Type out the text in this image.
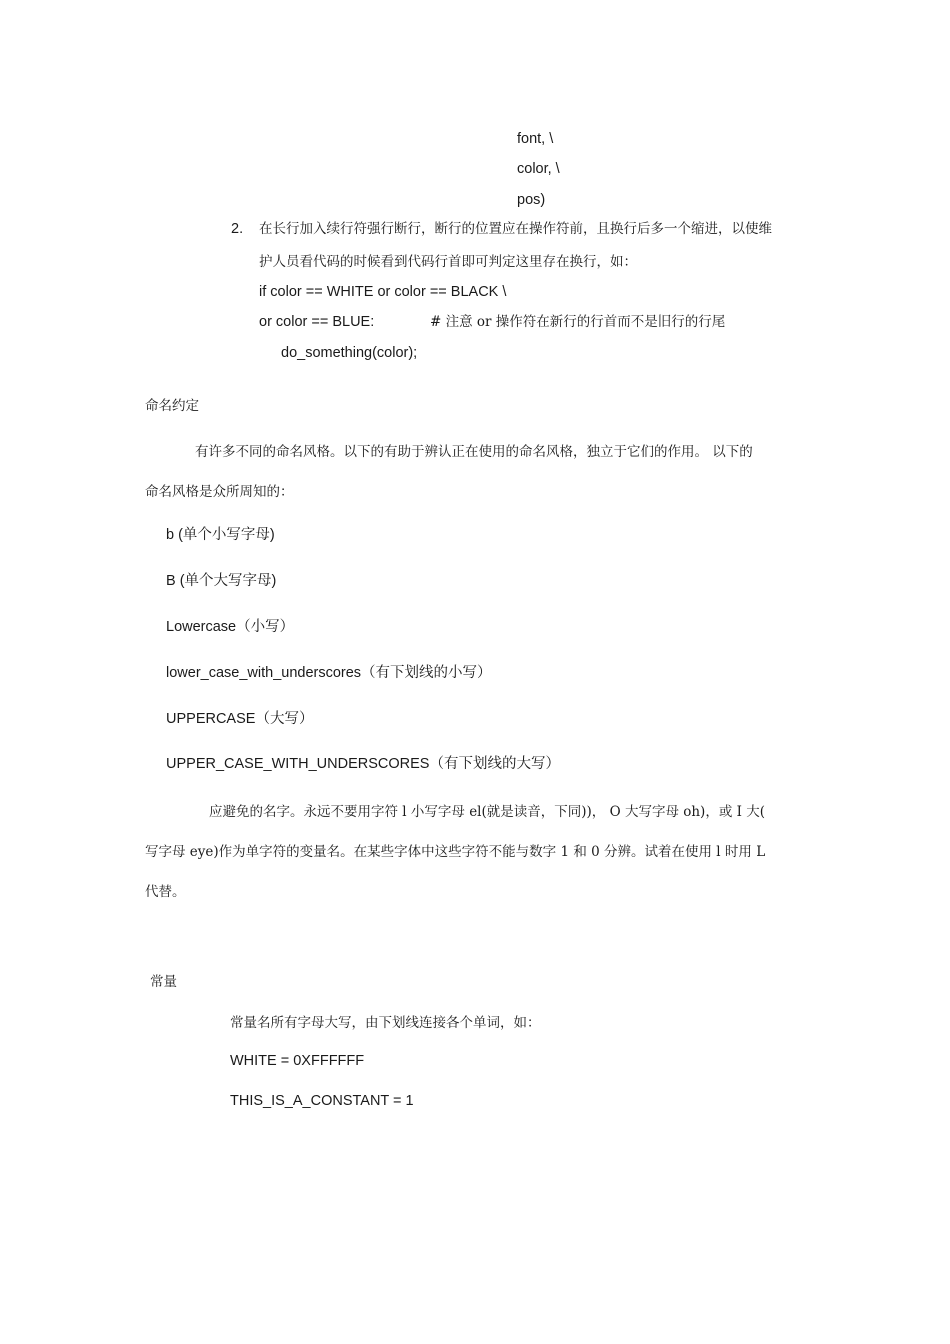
font, \
color, \
pos)
2. 在长行加入续行符强行断行，断行的位置应在操作符前，且换行后多一个缩进，以使维
护人员看代码的时候看到代码行首即可判定这里存在换行，如：
if color == WHITE or color == BLACK \
or color == BLUE:	# 注意 or 操作符在新行的行首而不是旧行的行尾
do_something(color);
命名约定
有许多不同的命名风格。以下的有助于辨认正在使用的命名风格，独立于它们的作用。 以下的
命名风格是众所周知的：
b (单个小写字母)
B (单个大写字母)
Lowercase（小写）
lower_case_with_underscores（有下划线的小写）
UPPERCASE（大写）
UPPER_CASE_WITH_UNDERSCORES（有下划线的大写）
应避免的名字。永远不要用字符 l 小写字母 el(就是读音，下同))， O 大写字母 oh)，或 I 大(
写字母 eye)作为单字符的变量名。在某些字体中这些字符不能与数字 1 和 0 分辨。试着在使用 l 时用 L
代替。
常量
常量名所有字母大写，由下划线连接各个单词，如：
WHITE = 0XFFFFFF
THIS_IS_A_CONSTANT = 1
